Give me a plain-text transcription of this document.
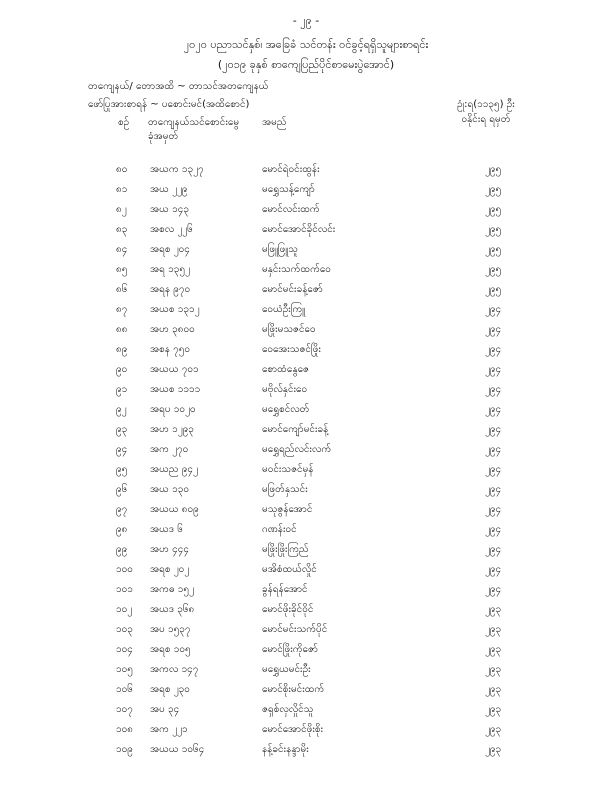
- ၂၉ -
၂၀၂၀ ပညာသင်နှစ်၊ အခြေခံ သင်တန်း ဝင်ခွင့်ရရှိသူများစာရင်း
(၂၀၁၉ ခုနှစ် စာကျေပြည်ပိုင်စာမေးပွဲအောင်)
တကျေနယ်/ တောအထိ ~ တာသင်အတကျေနယ်
ဖော်ပြုအားစာရန် ~ ပစောင်းမင်(အထိစောင်)	ဥုံ:ရ(၁၁၃၅) ဦး
ဝနိုင်းရ ရမှတ်
စဉ် တကျေနယ်သင်စောင်းမွေ အမည်
ခုံအမှတ်
၈၀ အယက ၁၃၂၇	မောင်ရဲ၀င်းထွန်း	၂၉၅
၈၁ အယ ၂၂၉	မရွှေသန့်ကျော်	၂၉၅
၈၂ အယ ၁၄၃	မောင်လင်းထက်	၂၉၅
၈၃ အစလ ၂၂၆	မောင်အောင်ခိုင်လင်း	၂၉၅
၈၄ အရစ ၂၀၄	မဖြူဖြူသူ	၂၉၅
၈၅ အရ ၁၃၅၂	မနှင်းသက်ထက်ဝေ	၂၉၅
၈၆ အရန ၉၇၀	မောင်မင်းခန့်ဇော်	၂၉၅
၈၇ အယစ ၁၃၁၂	ဝေယံဦးကြူ	၂၉၄
၈၈ အဟ ၃၈၀၀	မဖြိုးမသဇင်ဝေ	၂၉၄
၈၉ အစန ၇၅၀	ဝေအေးသဇင်ဖြိုး	၂၉၄
၉၀ အယယ ၇၀၁	စောထံနွေဇေ	၂၉၄
၉၁ အယစ ၁၁၁၁	မဗိုလ်နှင်းဝေ	၂၉၄
၉၂ အရပ ၁၀၂၀	မရွှေစင်လတ်	၂၉၄
၉၃ အဟ ၁၂၉၃	မောင်ကျော်မင်းခန့်	၂၉၄
၉၄ အက ၂၇၀	မရွှေရည်လင်းလက်	၂၉၄
၉၅ အယည ၉၄၂	မဝင်းသဇင်မှန်	၂၉၄
၉၆ အယ ၁၃၀	မဖြတ်နှသင်း	၂၉၄
၉၇ အယယ ၈၀၉	မသုဇွန်အောင်	၂၉၄
၉၈ အယဒ ၆	ဂဏန်းဝင်	၂၉၄
၉၉ အဟ ၄၄၄	မဖြိုးဖြိုးကြည်	၂၉၄
၁၀၀ အရစ ၂၀၂	မအိစံထယ်လှိုင်	၂၉၄
၁၀၁ အကဓ ၁၅၂	ခွန်ရန်အောင်	၂၉၄
၁၀၂ အယဒ ၃၆၈	မောင်ဖိုးခိုင်ဝိုင်	၂၉၃
၁၀၃ အပ ၁၅၃၇	မောင်မင်းသက်ပိုင်	၂၉၃
၁၀၄ အရစ ၁၀၅	မောင်ဖြိုးကိုဇော်	၂၉၃
၁၀၅ အကလ ၁၄၇	မရွှေယမင်းဦး	၂၉၃
၁၀၆ အရစ ၂၃၀	မောင်စိုးမင်းထက်	၂၉၃
၁၀၇ အပ ၃၄	ဇရှစ်လှလှိုင်သူ	၂၉၃
၁၀၈ အက ၂၂၁	မောင်အောင်ဖိုးစိုး	၂၉၃
၁၀၉ အယယ ၁၀၆၄	နန့်ခင်းနန္ဒာမိုး	၂၉၃
